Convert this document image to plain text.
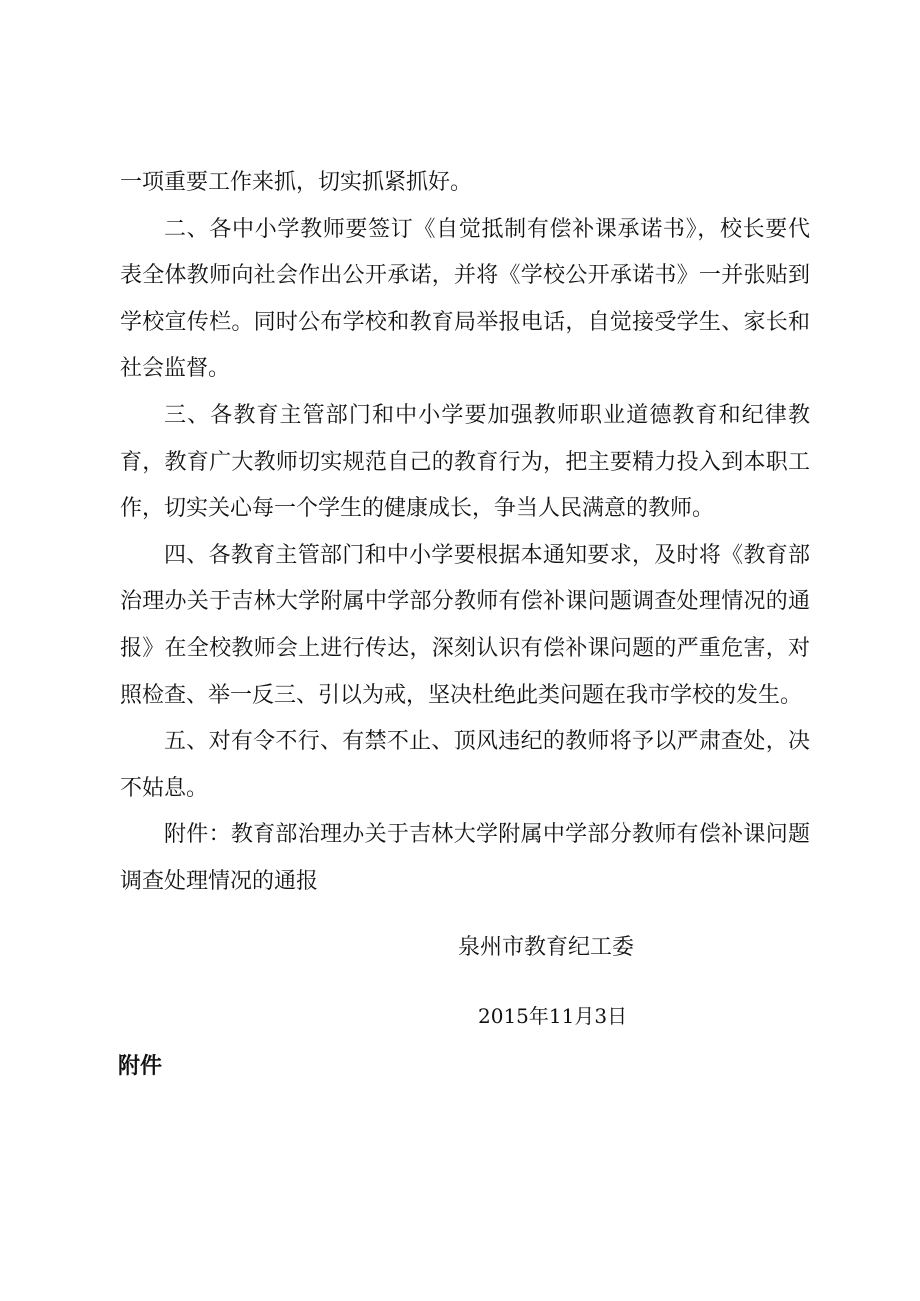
一项重要工作来抓，切实抓紧抓好。

二、各中小学教师要签订《自觉抵制有偿补课承诺书》，校长要代表全体教师向社会作出公开承诺，并将《学校公开承诺书》一并张贴到学校宣传栏。同时公布学校和教育局举报电话，自觉接受学生、家长和社会监督。

三、各教育主管部门和中小学要加强教师职业道德教育和纪律教育，教育广大教师切实规范自己的教育行为，把主要精力投入到本职工作，切实关心每一个学生的健康成长，争当人民满意的教师。

四、各教育主管部门和中小学要根据本通知要求，及时将《教育部治理办关于吉林大学附属中学部分教师有偿补课问题调查处理情况的通报》在全校教师会上进行传达，深刻认识有偿补课问题的严重危害，对照检查、举一反三、引以为戒，坚决杜绝此类问题在我市学校的发生。

五、对有令不行、有禁不止、顶风违纪的教师将予以严肃查处，决不姑息。

附件：教育部治理办关于吉林大学附属中学部分教师有偿补课问题调查处理情况的通报

泉州市教育纪工委
2015年11月3日
附件
